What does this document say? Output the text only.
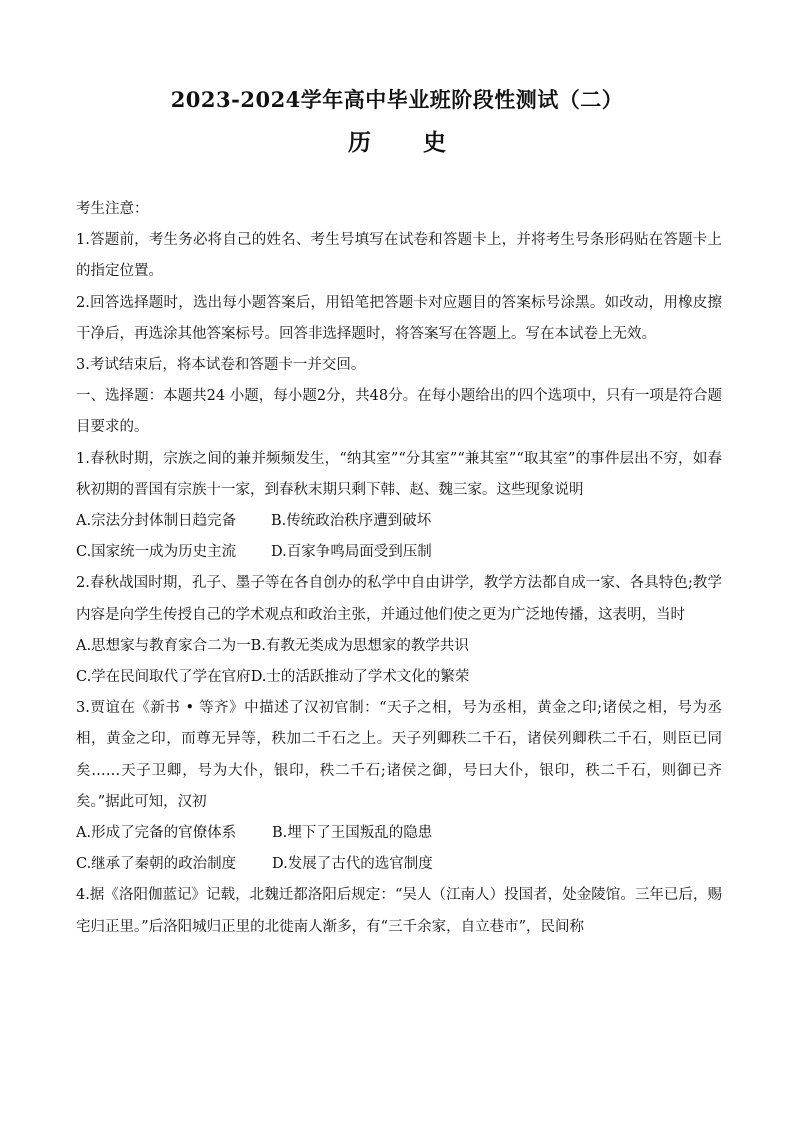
2023-2024学年高中毕业班阶段性测试（二）
历 史

考生注意：

1.答题前，考生务必将自己的姓名、考生号填写在试卷和答题卡上，并将考生号条形码贴在答题卡上的指定位置。

2.回答选择题时，选出每小题答案后，用铅笔把答题卡对应题目的答案标号涂黑。如改动，用橡皮擦干净后，再选涂其他答案标号。回答非选择题时，将答案写在答题上。写在本试卷上无效。

3.考试结束后，将本试卷和答题卡一并交回。

一、选择题：本题共24 小题，每小题2分，共48分。在每小题给出的四个选项中，只有一项是符合题目要求的。

1.春秋时期，宗族之间的兼并频频发生，“纳其室”“分其室”“兼其室”“取其室”的事件层出不穷，如春秋初期的晋国有宗族十一家，到春秋末期只剩下韩、赵、魏三家。这些现象说明

A.宗法分封体制日趋完备	B.传统政治秩序遭到破坏
C.国家统一成为历史主流	D.百家争鸣局面受到压制

2.春秋战国时期，孔子、墨子等在各自创办的私学中自由讲学，教学方法都自成一家、各具特色;教学内容是向学生传授自己的学术观点和政治主张，并通过他们使之更为广泛地传播，这表明，当时

A.思想家与教育家合二为一 B.有教无类成为思想家的教学共识
C.学在民间取代了学在官府 D.士的活跃推动了学术文化的繁荣

3.贾谊在《新书 • 等齐》中描述了汉初官制：“天子之相，号为丞相，黄金之印;诸侯之相，号为丞相，黄金之印，而尊无异等，秩加二千石之上。天子列卿秩二千石，诸侯列卿秩二千石，则臣已同矣……天子卫卿，号为大仆，银印，秩二千石;诸侯之御，号曰大仆，银印，秩二千石，则御已齐矣。”据此可知，汉初

A.形成了完备的官僚体系	B.埋下了王国叛乱的隐患
C.继承了秦朝的政治制度	D.发展了古代的选官制度

4.据《洛阳伽蓝记》记载，北魏迁都洛阳后规定：“吴人（江南人）投国者，处金陵馆。三年已后，赐宅归正里。”后洛阳城归正里的北徙南人渐多，有“三千余家，自立巷市”，民间称
